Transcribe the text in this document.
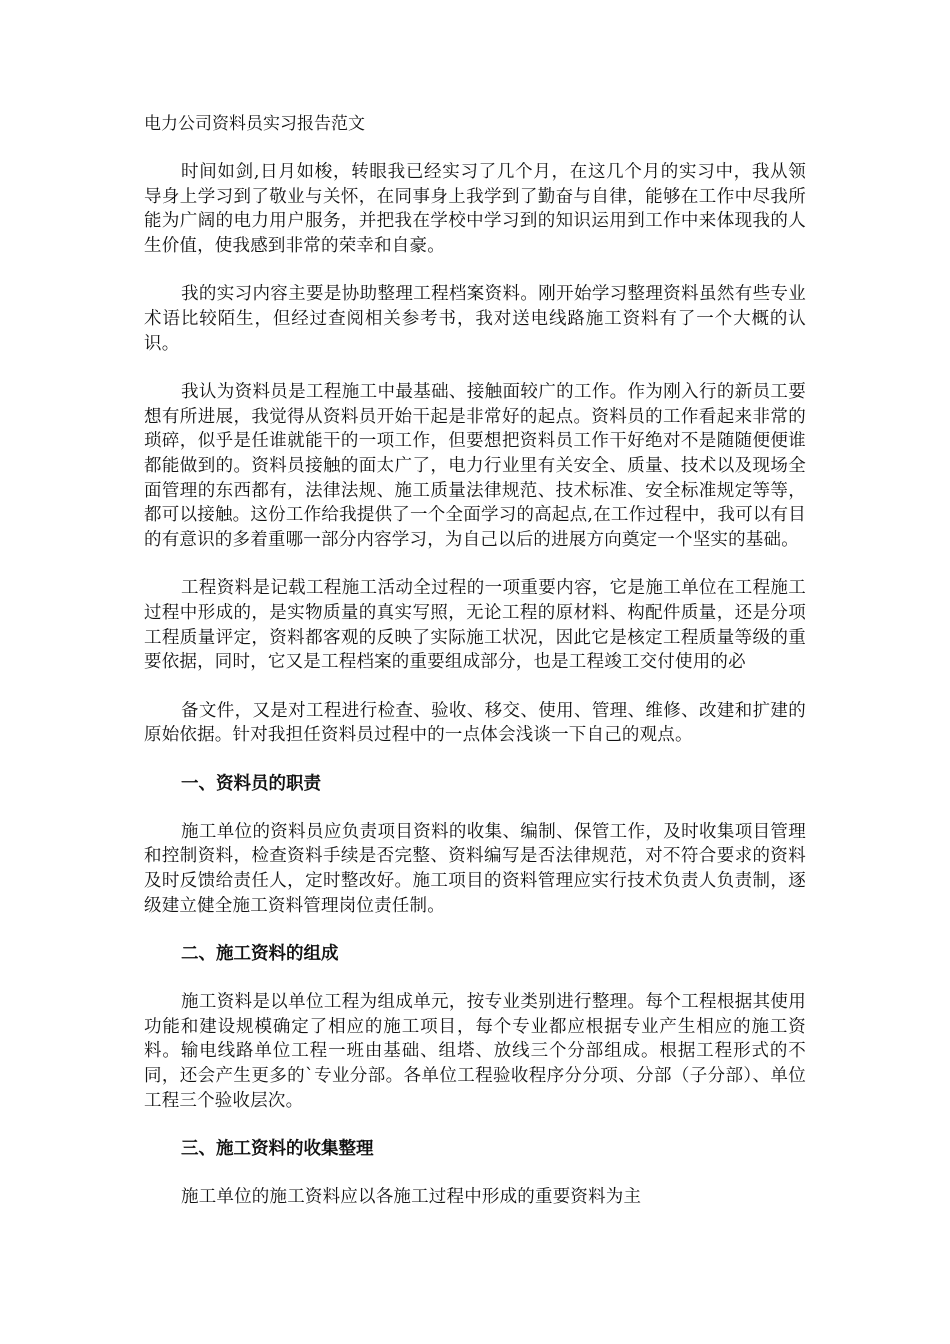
电力公司资料员实习报告范文

时间如剑,日月如梭，转眼我已经实习了几个月，在这几个月的实习中，我从领导身上学习到了敬业与关怀，在同事身上我学到了勤奋与自律，能够在工作中尽我所能为广阔的电力用户服务，并把我在学校中学习到的知识运用到工作中来体现我的人生价值，使我感到非常的荣幸和自豪。

我的实习内容主要是协助整理工程档案资料。刚开始学习整理资料虽然有些专业术语比较陌生，但经过查阅相关参考书，我对送电线路施工资料有了一个大概的认识。

我认为资料员是工程施工中最基础、接触面较广的工作。作为刚入行的新员工要想有所进展，我觉得从资料员开始干起是非常好的起点。资料员的工作看起来非常的琐碎，似乎是任谁就能干的一项工作，但要想把资料员工作干好绝对不是随随便便谁都能做到的。资料员接触的面太广了，电力行业里有关安全、质量、技术以及现场全面管理的东西都有，法律法规、施工质量法律规范、技术标准、安全标准规定等等，都可以接触。这份工作给我提供了一个全面学习的高起点,在工作过程中，我可以有目的有意识的多着重哪一部分内容学习，为自己以后的进展方向奠定一个坚实的基础。

工程资料是记载工程施工活动全过程的一项重要内容，它是施工单位在工程施工过程中形成的，是实物质量的真实写照，无论工程的原材料、构配件质量，还是分项工程质量评定，资料都客观的反映了实际施工状况，因此它是核定工程质量等级的重要依据，同时，它又是工程档案的重要组成部分，也是工程竣工交付使用的必

备文件，又是对工程进行检查、验收、移交、使用、管理、维修、改建和扩建的原始依据。针对我担任资料员过程中的一点体会浅谈一下自己的观点。

一、资料员的职责

施工单位的资料员应负责项目资料的收集、编制、保管工作，及时收集项目管理和控制资料，检查资料手续是否完整、资料编写是否法律规范，对不符合要求的资料及时反馈给责任人，定时整改好。施工项目的资料管理应实行技术负责人负责制，逐级建立健全施工资料管理岗位责任制。

二、施工资料的组成

施工资料是以单位工程为组成单元，按专业类别进行整理。每个工程根据其使用功能和建设规模确定了相应的施工项目，每个专业都应根据专业产生相应的施工资料。输电线路单位工程一班由基础、组塔、放线三个分部组成。根据工程形式的不同，还会产生更多的`专业分部。各单位工程验收程序分分项、分部（子分部）、单位工程三个验收层次。

三、施工资料的收集整理

施工单位的施工资料应以各施工过程中形成的重要资料为主
